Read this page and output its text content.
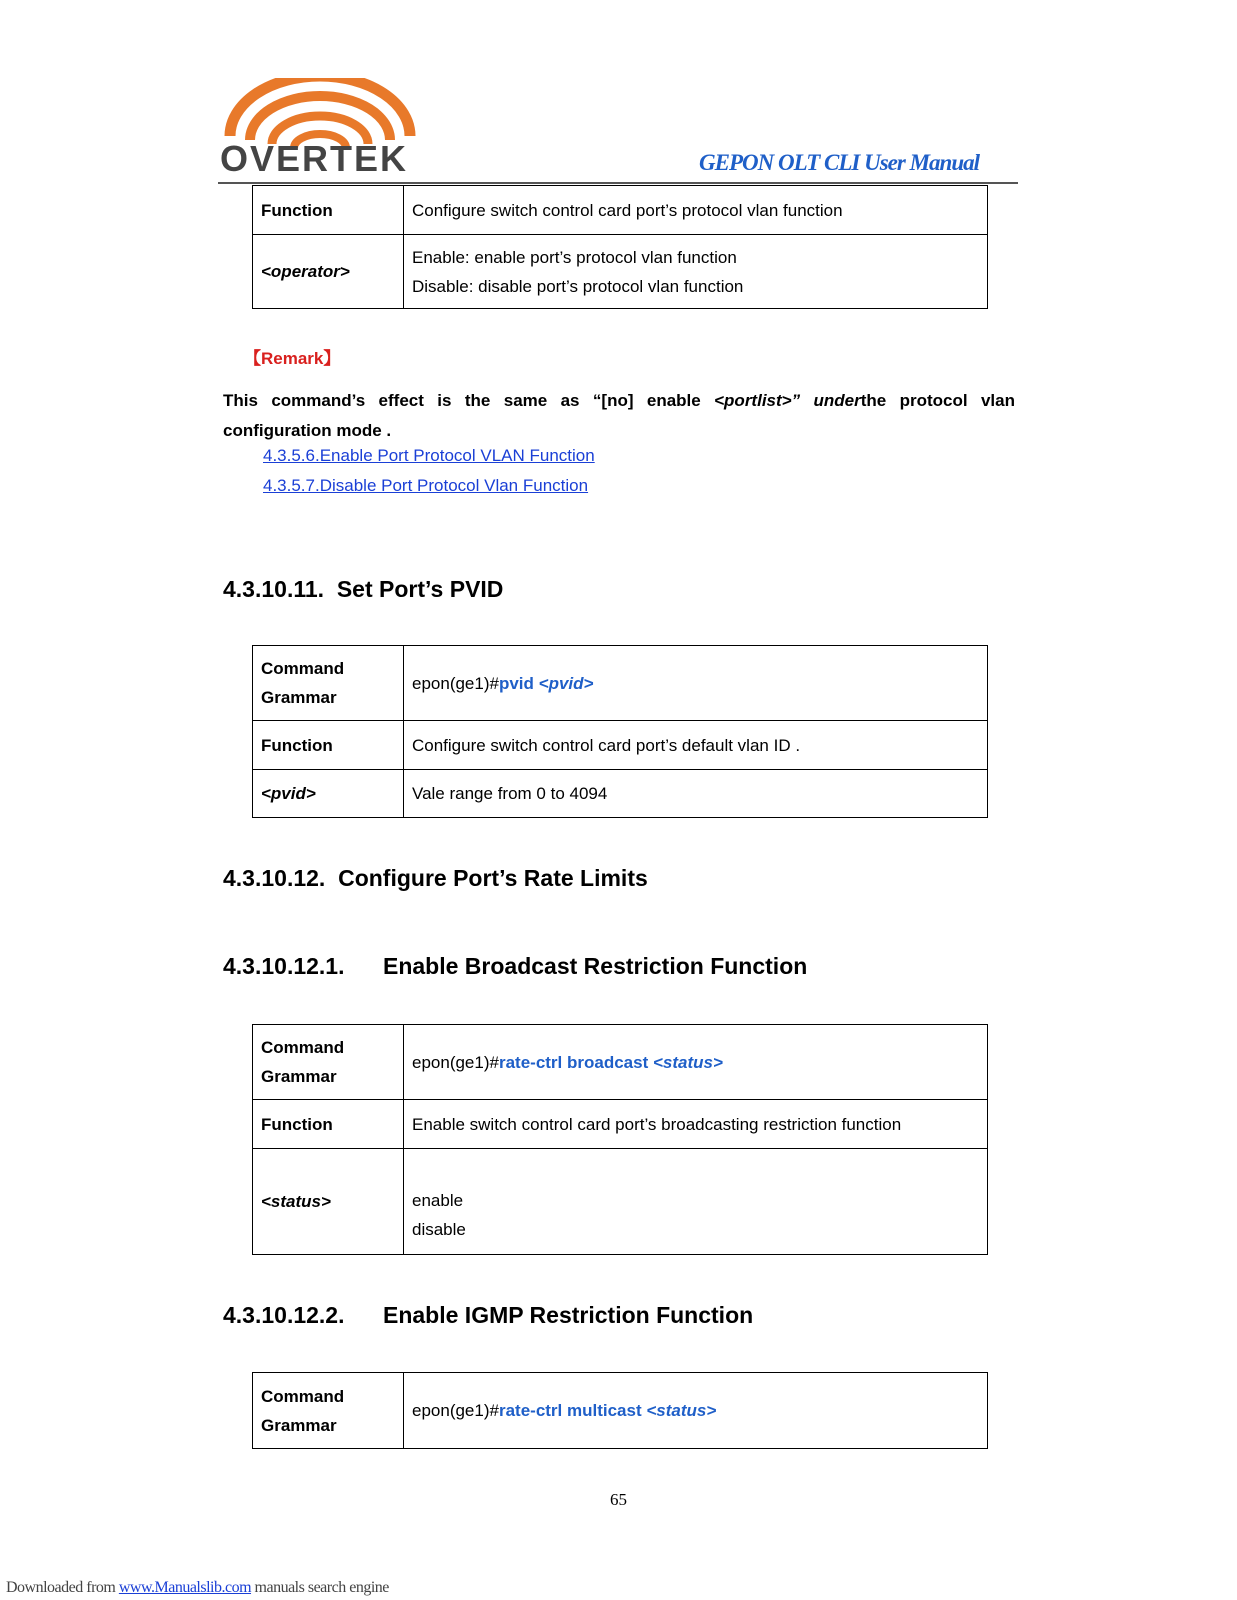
OVERTEK	GEPON OLT CLI User Manual
Function	Configure switch control card port’s protocol vlan function
<operator>	Enable: enable port’s protocol vlan function
Disable: disable port’s protocol vlan function
【Remark】
This command’s effect is the same as “[no] enable <portlist>” underthe protocol vlan configuration mode .
4.3.5.6.Enable Port Protocol VLAN Function
4.3.5.7.Disable Port Protocol Vlan Function
4.3.10.11. Set Port’s PVID
Command Grammar	epon(ge1)#pvid <pvid>
Function	Configure switch control card port’s default vlan ID .
<pvid>	Vale range from 0 to 4094
4.3.10.12. Configure Port’s Rate Limits
4.3.10.12.1. Enable Broadcast Restriction Function
Command Grammar	epon(ge1)#rate-ctrl broadcast <status>
Function	Enable switch control card port’s broadcasting restriction function
<status>	enable
disable
4.3.10.12.2. Enable IGMP Restriction Function
Command Grammar	epon(ge1)#rate-ctrl multicast <status>
65
Downloaded from www.Manualslib.com manuals search engine
